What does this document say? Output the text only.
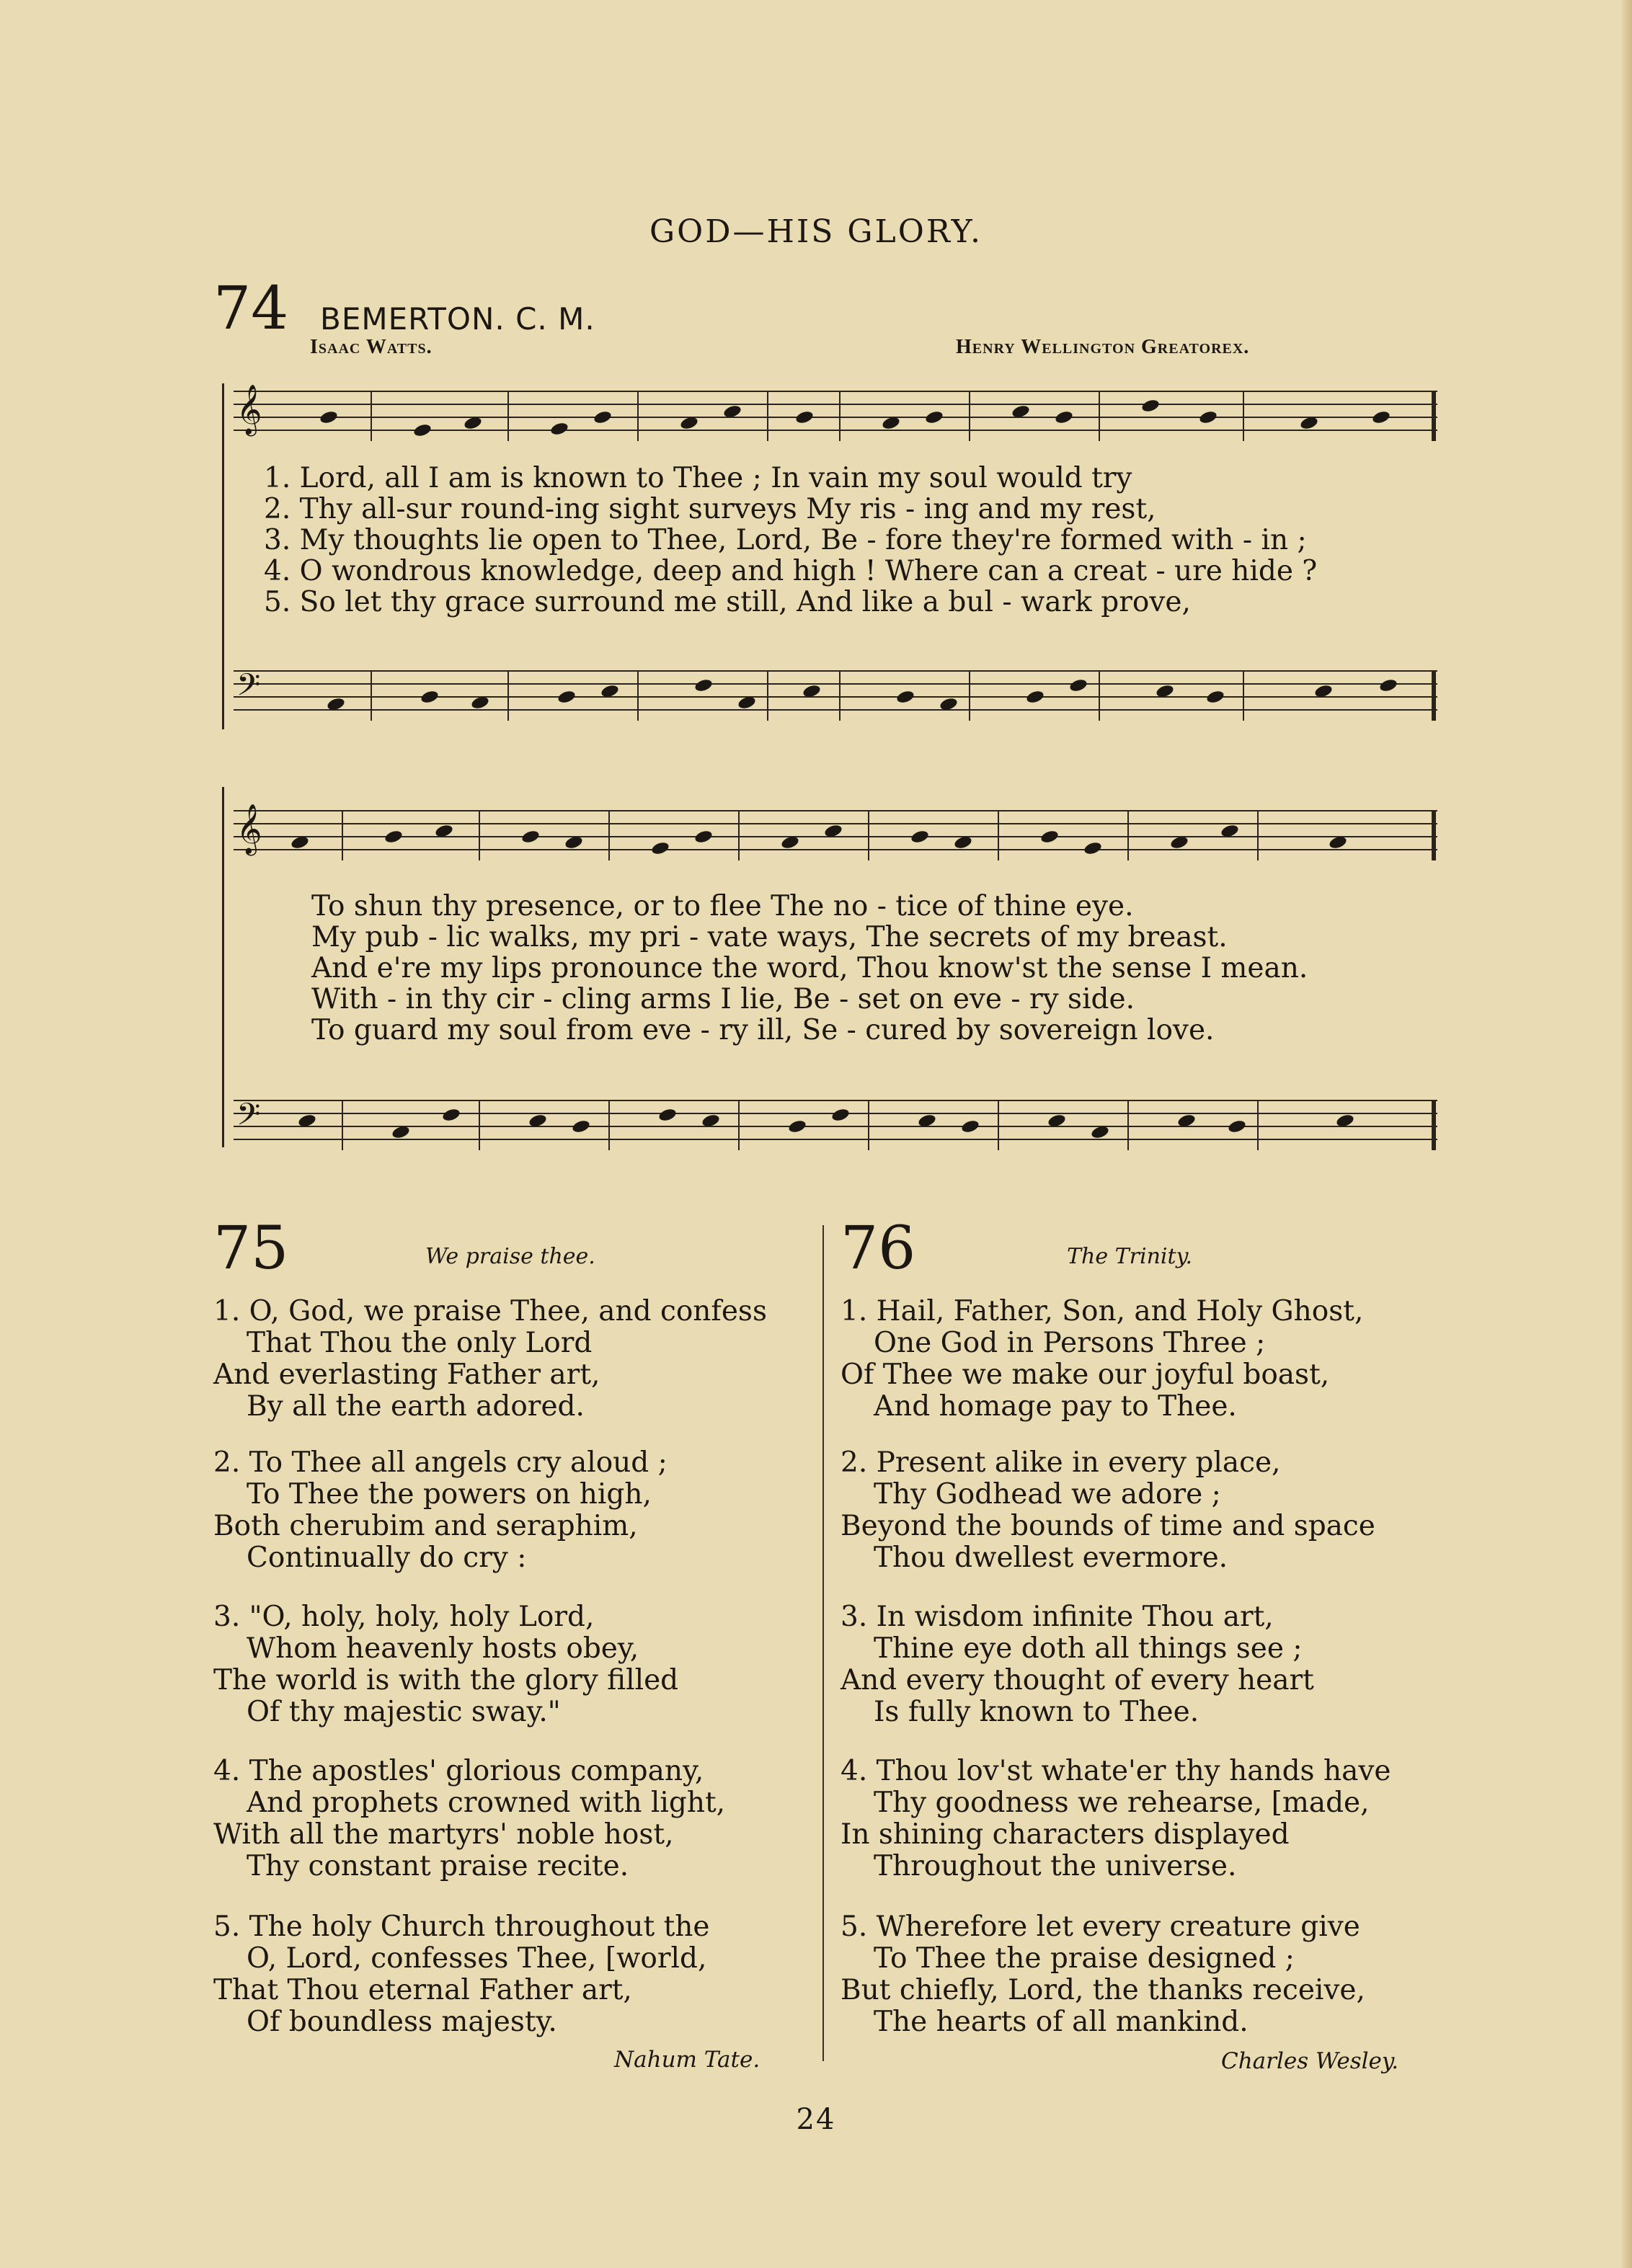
GOD—HIS GLORY.
74 BEMERTON. C. M.
Isaac Watts.	Henry Wellington Greatorex.
𝄞
1. Lord, all I am is known to Thee ; In vain my soul would try
2. Thy all-sur round-ing sight surveys My ris - ing and my rest,
3. My thoughts lie open to Thee, Lord, Be - fore they're formed with - in ;
4. O wondrous knowledge, deep and high ! Where can a creat - ure hide ?
5. So let thy grace surround me still, And like a bul - wark prove,
𝄢
𝄞
To shun thy presence, or to flee The no - tice of thine eye.
My pub - lic walks, my pri - vate ways, The secrets of my breast.
And e're my lips pronounce the word, Thou know'st the sense I mean.
With - in thy cir - cling arms I lie, Be - set on eve - ry side.
To guard my soul from eve - ry ill, Se - cured by sovereign love.
𝄢
75	We praise thee.
1. O, God, we praise Thee, and confess
That Thou the only Lord
And everlasting Father art,
By all the earth adored.
2. To Thee all angels cry aloud ;
To Thee the powers on high,
Both cherubim and seraphim,
Continually do cry :
3. "O, holy, holy, holy Lord,
Whom heavenly hosts obey,
The world is with the glory filled
Of thy majestic sway."
4. The apostles' glorious company,
And prophets crowned with light,
With all the martyrs' noble host,
Thy constant praise recite.
5. The holy Church throughout the
O, Lord, confesses Thee, [world,
That Thou eternal Father art,
Of boundless majesty.
Nahum Tate.
76	The Trinity.
1. Hail, Father, Son, and Holy Ghost,
One God in Persons Three ;
Of Thee we make our joyful boast,
And homage pay to Thee.
2. Present alike in every place,
Thy Godhead we adore ;
Beyond the bounds of time and space
Thou dwellest evermore.
3. In wisdom infinite Thou art,
Thine eye doth all things see ;
And every thought of every heart
Is fully known to Thee.
4. Thou lov'st whate'er thy hands have
Thy goodness we rehearse, [made,
In shining characters displayed
Throughout the universe.
5. Wherefore let every creature give
To Thee the praise designed ;
But chiefly, Lord, the thanks receive,
The hearts of all mankind.
Charles Wesley.
24
